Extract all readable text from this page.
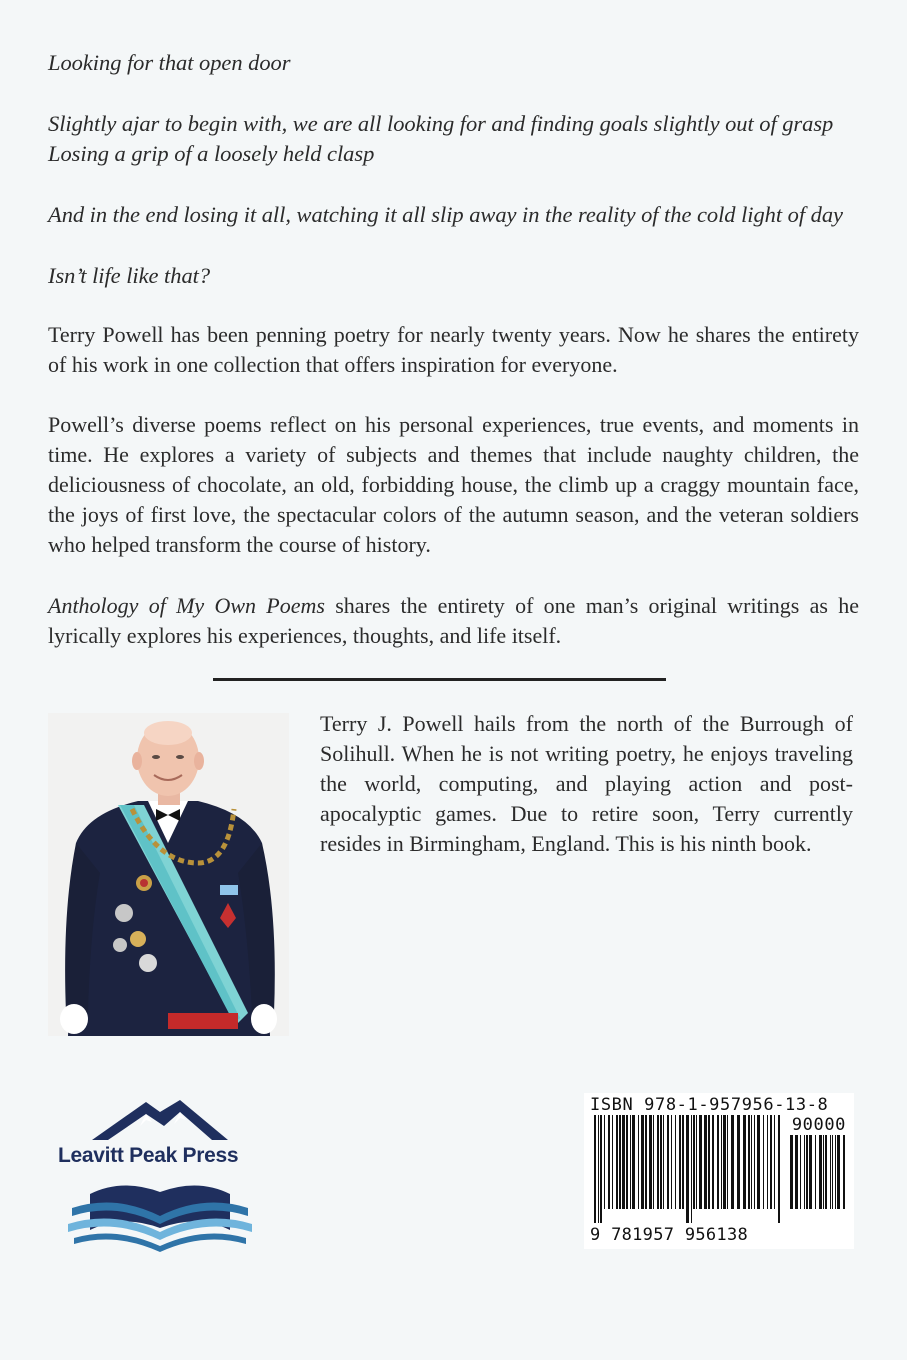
Looking for that open door
Slightly ajar to begin with, we are all looking for and finding goals slightly out of grasp
Losing a grip of a loosely held clasp
And in the end losing it all, watching it all slip away in the reality of the cold light of day
Isn’t life like that?

Terry Powell has been penning poetry for nearly twenty years. Now he shares the entirety of his work in one collection that offers inspiration for everyone.

Powell’s diverse poems reflect on his personal experiences, true events, and moments in time. He explores a variety of subjects and themes that include naughty children, the deliciousness of chocolate, an old, forbidding house, the climb up a craggy mountain face, the joys of first love, the spectacular colors of the autumn season, and the veteran soldiers who helped transform the course of history.

Anthology of My Own Poems shares the entirety of one man’s original writings as he lyrically explores his experiences, thoughts, and life itself.

Terry J. Powell hails from the north of the Burrough of Solihull. When he is not writing poetry, he enjoys traveling the world, computing, and playing action and post-apocalyptic games. Due to retire soon, Terry currently resides in Birmingham, England. This is his ninth book.

Leavitt Peak Press
ISBN 978-1-957956-13-8
90000
9 781957 956138
